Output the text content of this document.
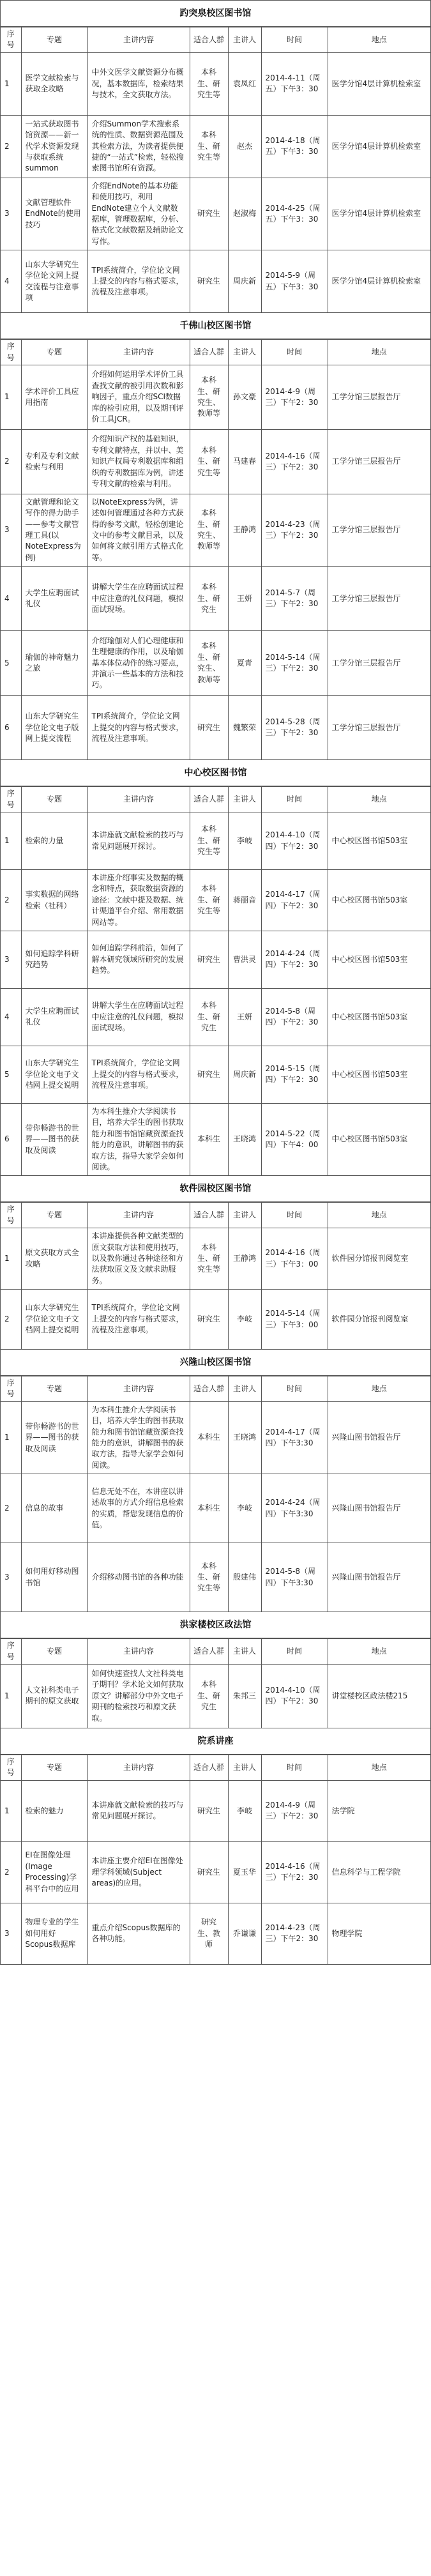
趵突泉校区图书馆
序号	专题	主讲内容	适合人群	主讲人	时间	地点
1	医学文献检索与获取全攻略	中外文医学文献资源分布概况，基本数据库，检索结果与技术，全文获取方法。	本科生、研究生等	袁凤红	2014-4-11（周五）下午3：30	医学分馆4层计算机检索室
2	一站式获取图书馆资源——新一代学术资源发现与获取系统summon	介绍Summon学术搜索系统的性质、数据资源范围及其检索方法，为读者提供便捷的“一站式”检索，轻松搜索图书馆所有资源。	本科生、研究生等	赵杰	2014-4-18（周五）下午3：30	医学分馆4层计算机检索室
3	文献管理软件EndNote的使用技巧	介绍EndNote的基本功能和使用技巧，利用EndNote建立个人文献数据库，管理数据库，分析、格式化文献数据及辅助论文写作。	研究生	赵淑梅	2014-4-25（周五）下午3：30	医学分馆4层计算机检索室
4	山东大学研究生学位论文网上提交流程与注意事项	TPI系统简介，学位论文网上提交的内容与格式要求，流程及注意事项。	研究生	周庆新	2014-5-9（周五）下午3：30	医学分馆4层计算机检索室
千佛山校区图书馆
序号	专题	主讲内容	适合人群	主讲人	时间	地点
1	学术评价工具应用指南	介绍如何运用学术评价工具查找文献的被引用次数和影响因子，重点介绍SCI数据库的检引应用，以及期刊评价工具JCR。	本科生、研究生、教师等	孙文豪	2014-4-9（周三）下午2：30	工学分馆三层报告厅
2	专利及专利文献检索与利用	介绍知识产权的基础知识，专利文献特点，并以中、美知识产权局专利数据库和组织的专利数据库为例，讲述专利文献的检索与利用。	本科生、研究生等	马建春	2014-4-16（周三）下午2：30	工学分馆三层报告厅
3	文献管理和论文写作的得力助手——参考文献管理工具(以NoteExpress为例)	以NoteExpress为例，讲述如何管理通过各种方式获得的参考文献，轻松创建论文中的参考文献目录，以及如何将文献引用方式格式化等。	本科生、研究生、教师等	王静鸿	2014-4-23（周三）下午2：30	工学分馆三层报告厅
4	大学生应聘面试礼仪	讲解大学生在应聘面试过程中应注意的礼仪问题，模拟面试现场。	本科生、研究生	王妍	2014-5-7（周三）下午2：30	工学分馆三层报告厅
5	瑜伽的神奇魅力之旅	介绍瑜伽对人们心理健康和生理健康的作用，以及瑜伽基本体位动作的练习要点，并演示一些基本的方法和技巧。	本科生、研究生、教师等	夏青	2014-5-14（周三）下午2：30	工学分馆三层报告厅
6	山东大学研究生学位论文电子版网上提交流程	TPI系统简介，学位论文网上提交的内容与格式要求，流程及注意事项。	研究生	魏繁荣	2014-5-28（周三）下午2：30	工学分馆三层报告厅
中心校区图书馆
序号	专题	主讲内容	适合人群	主讲人	时间	地点
1	检索的力量	本讲座就文献检索的技巧与常见问题展开探讨。	本科生、研究生等	李岐	2014-4-10（周四）下午2：30	中心校区图书馆503室
2	事实数据的网络检索（社科）	本讲座介绍事实及数据的概念和特点，获取数据资源的途径：文献中提及数据、统计渠道平台介绍、常用数据网站等。	本科生、研究生等	蒋丽音	2014-4-17（周四）下午2：30	中心校区图书馆503室
3	如何追踪学科研究趋势	如何追踪学科前沿，如何了解本研究领域所研究的发展趋势。	研究生	曹洪灵	2014-4-24（周四）下午2：30	中心校区图书馆503室
4	大学生应聘面试礼仪	讲解大学生在应聘面试过程中应注意的礼仪问题，模拟面试现场。	本科生、研究生	王妍	2014-5-8（周四）下午2：30	中心校区图书馆503室
5	山东大学研究生学位论文电子文档网上提交说明	TPI系统简介，学位论文网上提交的内容与格式要求，流程及注意事项。	研究生	周庆新	2014-5-15（周四）下午2：30	中心校区图书馆503室
6	带你畅游书的世界——图书的获取及阅读	为本科生推介大学阅读书目，培养大学生的图书获取能力和图书馆馆藏资源查找能力的意识，讲解图书的获取方法，指导大家学会如何阅读。	本科生	王晓鸿	2014-5-22（周四）下午4：00	中心校区图书馆503室
软件园校区图书馆
序号	专题	主讲内容	适合人群	主讲人	时间	地点
1	原文获取方式全攻略	本讲座提供各种文献类型的原文获取方法和使用技巧，以及教你通过各种途径和方法获取原文及文献求助服务。	本科生、研究生等	王静鸿	2014-4-16（周三）下午3：00	软件园分馆报刊阅览室
2	山东大学研究生学位论文电子文档网上提交说明	TPI系统简介，学位论文网上提交的内容与格式要求，流程及注意事项。	研究生	李岐	2014-5-14（周三）下午3：00	软件园分馆报刊阅览室
兴隆山校区图书馆
序号	专题	主讲内容	适合人群	主讲人	时间	地点
1	带你畅游书的世界——图书的获取及阅读	为本科生推介大学阅读书目，培养大学生的图书获取能力和图书馆馆藏资源查找能力的意识，讲解图书的获取方法，指导大家学会如何阅读。	本科生	王晓鸿	2014-4-17（周四）下午3:30	兴隆山图书馆报告厅
2	信息的故事	信息无处不在，本讲座以讲述故事的方式介绍信息检索的实质，帮您发现信息的价值。	本科生	李岐	2014-4-24（周四）下午3:30	兴隆山图书馆报告厅
3	如何用好移动图书馆	介绍移动图书馆的各种功能	本科生、研究生等	殷建伟	2014-5-8（周四）下午3:30	兴隆山图书馆报告厅
洪家楼校区政法馆
序号	专题	主讲内容	适合人群	主讲人	时间	地点
1	人文社科类电子期刊的原文获取	如何快速查找人文社科类电子期刊？学术论文如何获取原文？讲解部分中外文电子期刊的检索技巧和原文获取。	本科生、研究生	朱邦三	2014-4-10（周四）下午2：30	讲堂楼校区政法楼215
院系讲座
序号	专题	主讲内容	适合人群	主讲人	时间	地点
1	检索的魅力	本讲座就文献检索的技巧与常见问题展开探讨。	研究生	李岐	2014-4-9（周三）下午2：30	法学院
2	EI在图像处理(Image Processing)学科平台中的应用	本讲座主要介绍EI在图像处理学科领域(Subject areas)的应用。	研究生	夏玉华	2014-4-16（周三）下午2：30	信息科学与工程学院
3	物理专业的学生如何用好Scopus数据库	重点介绍Scopus数据库的各种功能。	研究生、教师	乔谦谦	2014-4-23（周三）下午2：30	物理学院
